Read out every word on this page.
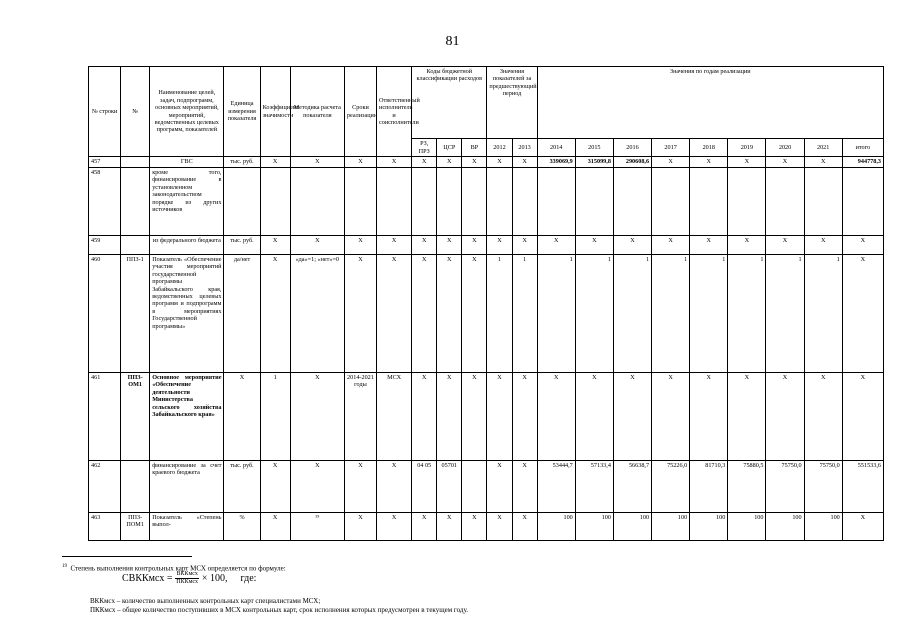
81
№ строки	№	Наименование целей, задач, подпрограмм, основных мероприятий, мероприятий, ведомственных целевых программ, показателей	Единица измерения показателя	Коэффициент значимости	Методика расчета показателя	Сроки реализации	Ответственный исполнитель и соисполнители	Коды бюджетной классификации расходов			Значения показателей за предшествующий период		Значения по годам реализации								
								РЗ, ПРЗ	ЦСР	ВР	2012	2013	2014	2015	2016	2017	2018	2019	2020	2021	итого
457		ГВС	тыс. руб.	X	X	X	X	X	X	X	X	X	339069,9	315099,8	290608,6	X	X	X	X	X	944778,3
458		кроме того, финансирование в установленном законодательством порядке из других источников																			
459		из федерального бюджета	тыс. руб.	X	X	X	X	X	X	X	X	X	X	X	X	X	X	X	X	X	X
460	ППЗ-1	Показатель «Обеспечение участия мероприятий государственной программы Забайкальского края, ведомственных целевых программ и подпрограмм в мероприятиях Государственной программы»	да/нет	X	«да»=1; «нет»=0	X	X	X	X	X	1	1	1	1	1	1	1	1	1	1	X
461	ППЗ-ОМ1	Основное мероприятие «Обеспечение деятельности Министерства сельского хозяйства Забайкальского края»	X	1	X	2014-2021 годы	МСХ	X	X	X	X	X	X	X	X	X	X	X	X	X	X
462		финансирование за счет краевого бюджета	тыс. руб.	X	X	X	X	04 05	05701		X	X	53444,7	57133,4	56638,7	75226,0	81710,3	75880,5	75750,0	75750,0	551533,6
463	ППЗ-ПОМ1	Показатель «Степень выпол-	%	X	¹⁹	X	X	X	X	X	X	X	100	100	100	100	100	100	100	100	X
$^{19}$ Степень выполнения контрольных карт МСХ определяется по формуле:
СВККмсх = $\frac{\text{ВККмсх}}{\text{ПККмсх}} \times 100$, где:
ВККмсх – количество выполненных контрольных карт специалистами МСХ;
ПККмсх – общее количество поступивших в МСХ контрольных карт, срок исполнения которых предусмотрен в текущем году.
